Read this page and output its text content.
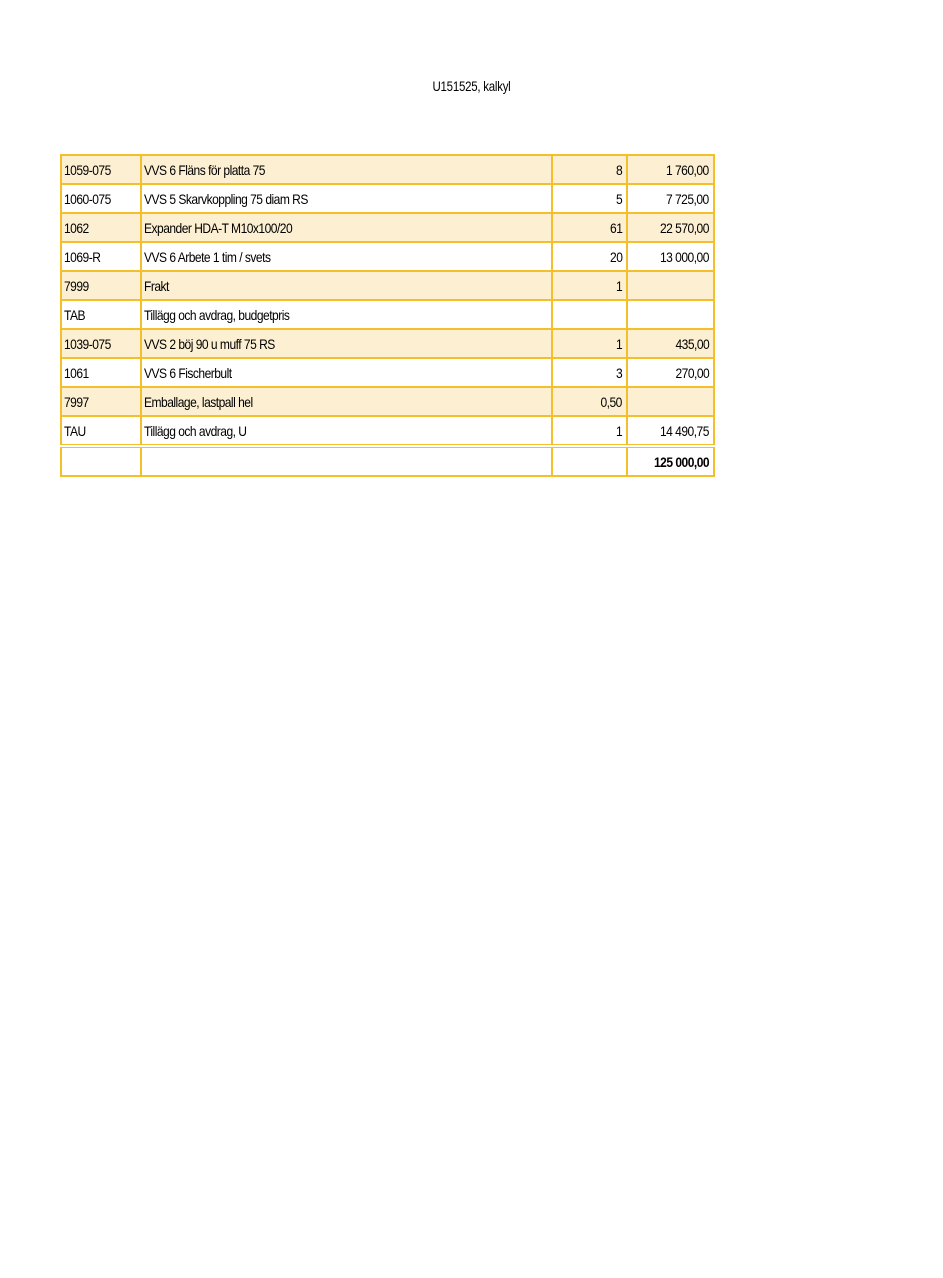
U151525, kalkyl
1059-075	VVS 6 Fläns för platta 75	8	1 760,00
1060-075	VVS 5 Skarvkoppling 75 diam RS	5	7 725,00
1062	Expander HDA-T M10x100/20	61	22 570,00
1069-R	VVS 6 Arbete 1 tim / svets	20	13 000,00
7999	Frakt	1	
TAB	Tillägg och avdrag, budgetpris		
1039-075	VVS 2 böj 90 u muff 75 RS	1	435,00
1061	VVS 6 Fischerbult	3	270,00
7997	Emballage, lastpall hel	0,50	
TAU	Tillägg och avdrag, U	1	14 490,75
			125 000,00
